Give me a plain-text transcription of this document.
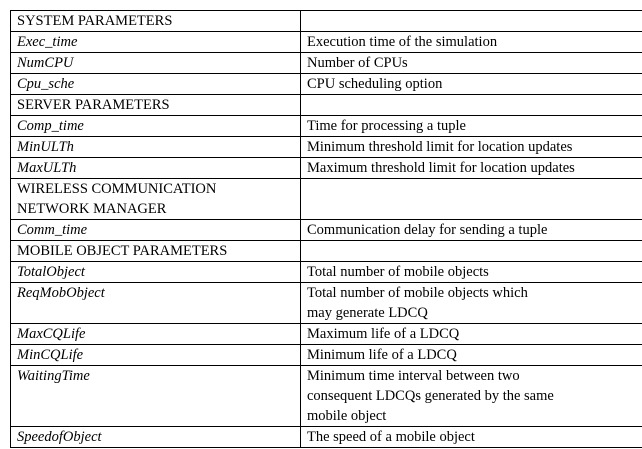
SYSTEM PARAMETERS	
Exec_time	Execution time of the simulation
NumCPU	Number of CPUs
Cpu_sche	CPU scheduling option
SERVER PARAMETERS	
Comp_time	Time for processing a tuple
MinULTh	Minimum threshold limit for location updates
MaxULTh	Maximum threshold limit for location updates

WIRELESS COMMUNICATION
NETWORK MANAGER	

Comm_time	Communication delay for sending a tuple
MOBILE OBJECT PARAMETERS	
TotalObject	Total number of mobile objects
ReqMobObject	Total number of mobile objects which
may generate LDCQ

MaxCQLife	Maximum life of a LDCQ
MinCQLife	Minimum life of a LDCQ
WaitingTime	Minimum time interval between two
consequent LDCQs generated by the same
mobile object

SpeedofObject	The speed of a mobile object
